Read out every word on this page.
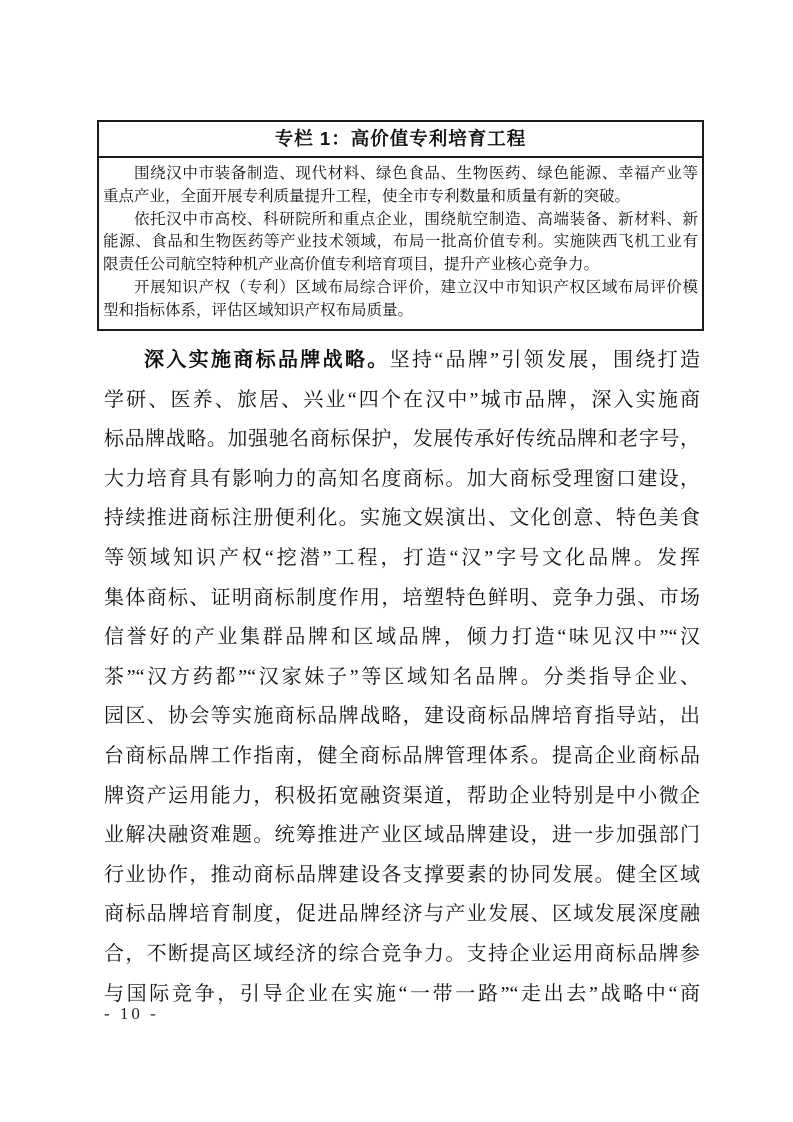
专栏 1：高价值专利培育工程
围绕汉中市装备制造、现代材料、绿色食品、生物医药、绿色能源、幸福产业等
重点产业，全面开展专利质量提升工程，使全市专利数量和质量有新的突破。
依托汉中市高校、科研院所和重点企业，围绕航空制造、高端装备、新材料、新
能源、食品和生物医药等产业技术领域，布局一批高价值专利。实施陕西飞机工业有
限责任公司航空特种机产业高价值专利培育项目，提升产业核心竞争力。
开展知识产权（专利）区域布局综合评价，建立汉中市知识产权区域布局评价模
型和指标体系，评估区域知识产权布局质量。
深入实施商标品牌战略。坚持“品牌”引领发展，围绕打造
学研、医养、旅居、兴业“四个在汉中”城市品牌，深入实施商
标品牌战略。加强驰名商标保护，发展传承好传统品牌和老字号，
大力培育具有影响力的高知名度商标。加大商标受理窗口建设，
持续推进商标注册便利化。实施文娱演出、文化创意、特色美食
等领域知识产权“挖潜”工程，打造“汉”字号文化品牌。发挥
集体商标、证明商标制度作用，培塑特色鲜明、竞争力强、市场
信誉好的产业集群品牌和区域品牌，倾力打造“味见汉中”“汉
茶”“汉方药都”“汉家妹子”等区域知名品牌。分类指导企业、
园区、协会等实施商标品牌战略，建设商标品牌培育指导站，出
台商标品牌工作指南，健全商标品牌管理体系。提高企业商标品
牌资产运用能力，积极拓宽融资渠道，帮助企业特别是中小微企
业解决融资难题。统筹推进产业区域品牌建设，进一步加强部门
行业协作，推动商标品牌建设各支撑要素的协同发展。健全区域
商标品牌培育制度，促进品牌经济与产业发展、区域发展深度融
合，不断提高区域经济的综合竞争力。支持企业运用商标品牌参
与国际竞争，引导企业在实施“一带一路”“走出去”战略中“商
- 10 -
